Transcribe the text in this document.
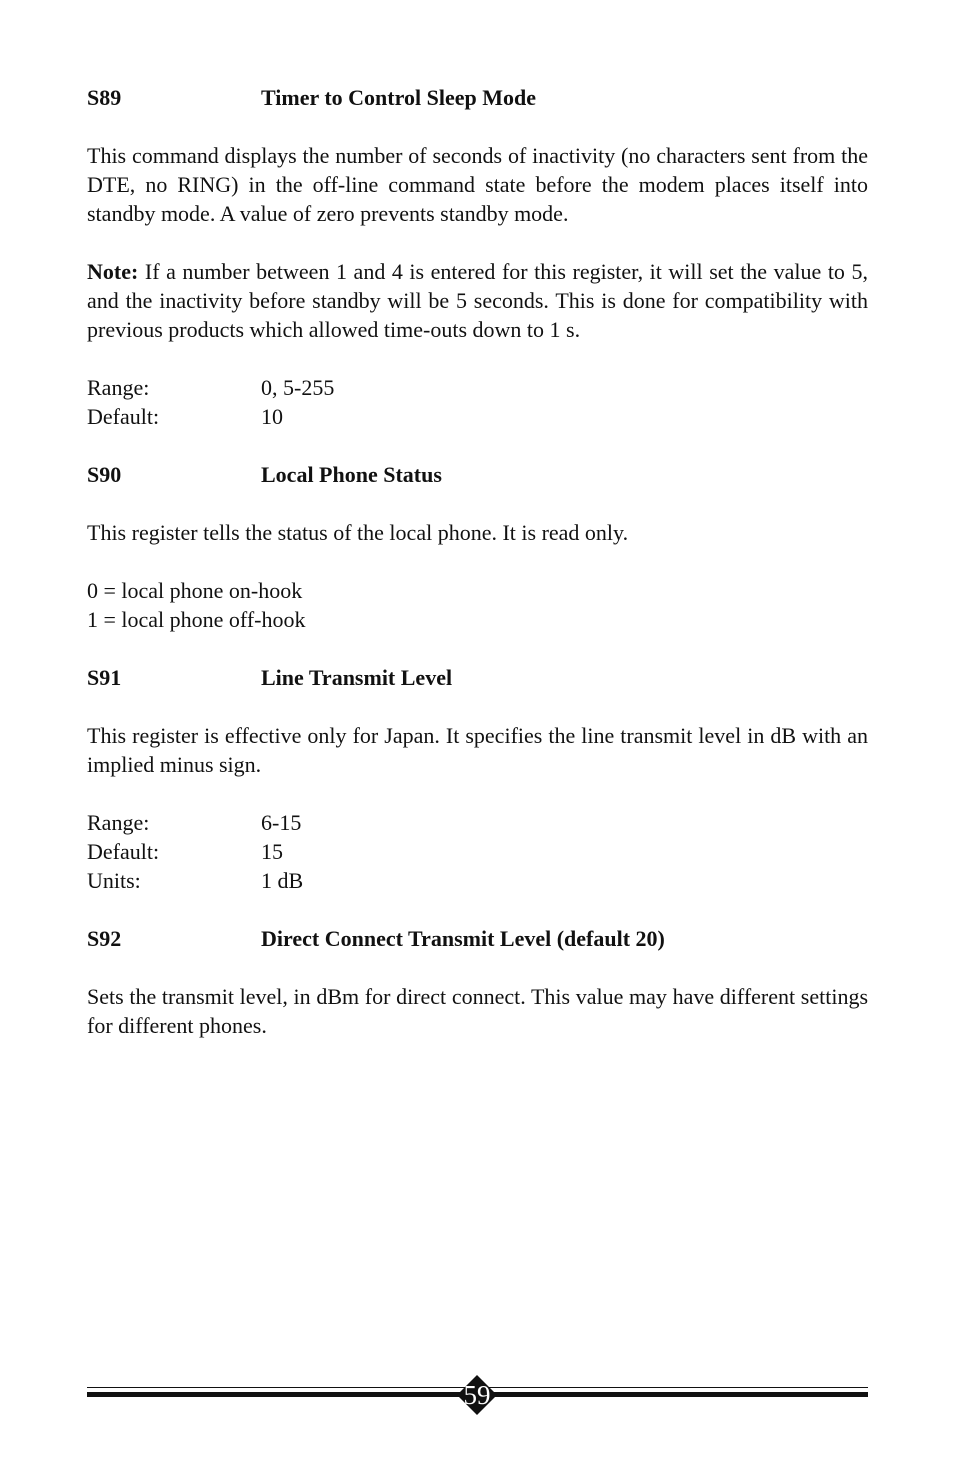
S89	Timer to Control Sleep Mode
This command displays the number of seconds of inactivity (no characters sent from the DTE, no RING) in the off-line command state before the modem places itself into standby mode. A value of zero prevents standby mode.
Note: If a number between 1 and 4 is entered for this register, it will set the value to 5, and the inactivity before standby will be 5 seconds. This is done for compatibility with previous products which allowed time-outs down to 1 s.
Range:	0, 5-255
Default:	10
S90	Local Phone Status
This register tells the status of the local phone. It is read only.
0 = local phone on-hook
1 = local phone off-hook
S91	Line Transmit Level
This register is effective only for Japan. It specifies the line transmit level in dB with an implied minus sign.
Range:	6-15
Default:	15
Units:	1 dB
S92	Direct Connect Transmit Level (default 20)
Sets the transmit level, in dBm for direct connect. This value may have different settings for different phones.
59
